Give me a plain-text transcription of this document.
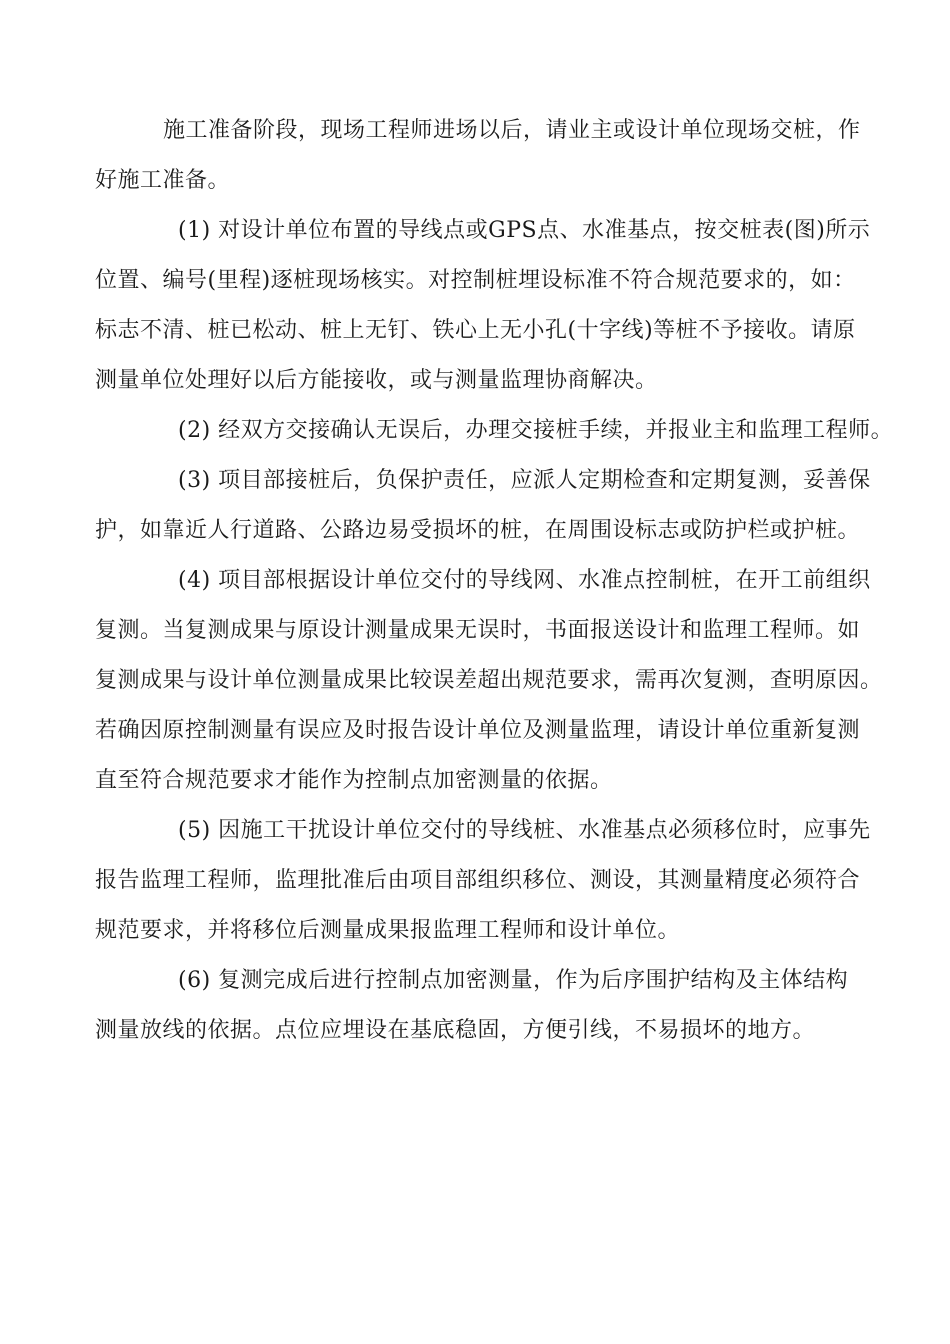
施工准备阶段，现场工程师进场以后，请业主或设计单位现场交桩，作
好施工准备。
(1) 对设计单位布置的导线点或GPS点、水准基点，按交桩表(图)所示
位置、编号(里程)逐桩现场核实。对控制桩埋设标准不符合规范要求的，如：
标志不清、桩已松动、桩上无钉、铁心上无小孔(十字线)等桩不予接收。请原
测量单位处理好以后方能接收，或与测量监理协商解决。
(2) 经双方交接确认无误后，办理交接桩手续，并报业主和监理工程师。
(3) 项目部接桩后，负保护责任，应派人定期检查和定期复测，妥善保
护，如靠近人行道路、公路边易受损坏的桩，在周围设标志或防护栏或护桩。
(4) 项目部根据设计单位交付的导线网、水准点控制桩，在开工前组织
复测。当复测成果与原设计测量成果无误时，书面报送设计和监理工程师。如
复测成果与设计单位测量成果比较误差超出规范要求，需再次复测，查明原因。
若确因原控制测量有误应及时报告设计单位及测量监理，请设计单位重新复测
直至符合规范要求才能作为控制点加密测量的依据。
(5) 因施工干扰设计单位交付的导线桩、水准基点必须移位时，应事先
报告监理工程师，监理批准后由项目部组织移位、测设，其测量精度必须符合
规范要求，并将移位后测量成果报监理工程师和设计单位。
(6) 复测完成后进行控制点加密测量，作为后序围护结构及主体结构
测量放线的依据。点位应埋设在基底稳固，方便引线，不易损坏的地方。
